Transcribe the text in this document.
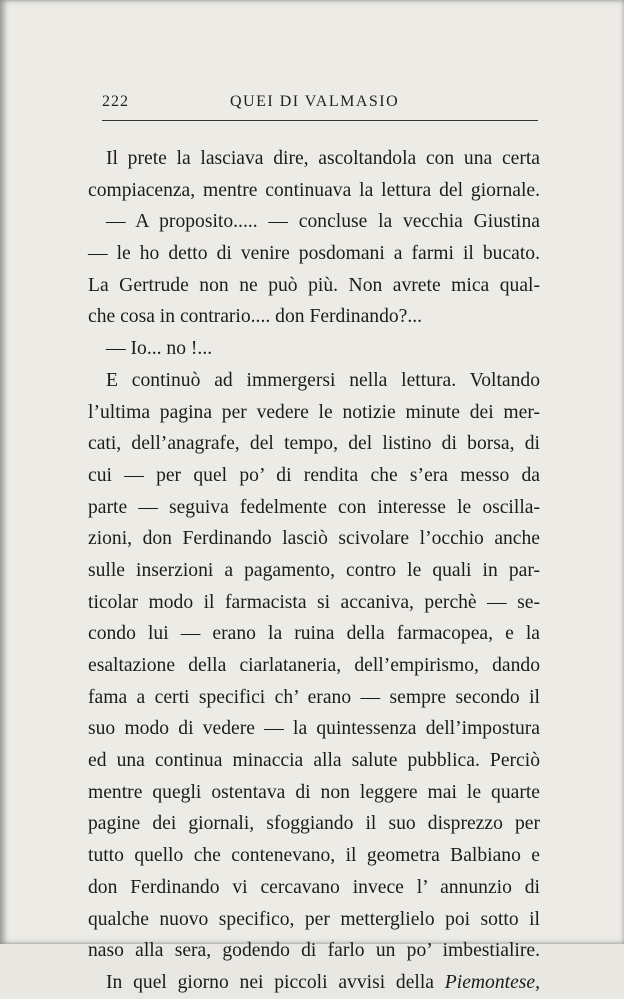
222	QUEI DI VALMASIO
Il prete la lasciava dire, ascoltandola con una certa
compiacenza, mentre continuava la lettura del giornale.
— A proposito..... — concluse la vecchia Giustina
— le ho detto di venire posdomani a farmi il bucato.
La Gertrude non ne può più. Non avrete mica qual-
che cosa in contrario.... don Ferdinando?...
— Io... no !...
E continuò ad immergersi nella lettura. Voltando
l’ultima pagina per vedere le notizie minute dei mer-
cati, dell’anagrafe, del tempo, del listino di borsa, di
cui — per quel po’ di rendita che s’era messo da
parte — seguiva fedelmente con interesse le oscilla-
zioni, don Ferdinando lasciò scivolare l’occhio anche
sulle inserzioni a pagamento, contro le quali in par-
ticolar modo il farmacista si accaniva, perchè — se-
condo lui — erano la ruina della farmacopea, e la
esaltazione della ciarlataneria, dell’empirismo, dando
fama a certi specifici ch’ erano — sempre secondo il
suo modo di vedere — la quintessenza dell’impostura
ed una continua minaccia alla salute pubblica. Perciò
mentre quegli ostentava di non leggere mai le quarte
pagine dei giornali, sfoggiando il suo disprezzo per
tutto quello che contenevano, il geometra Balbiano e
don Ferdinando vi cercavano invece l’ annunzio di
qualche nuovo specifico, per metterglielo poi sotto il
naso alla sera, godendo di farlo un po’ imbestialire.
In quel giorno nei piccoli avvisi della Piemontese,
